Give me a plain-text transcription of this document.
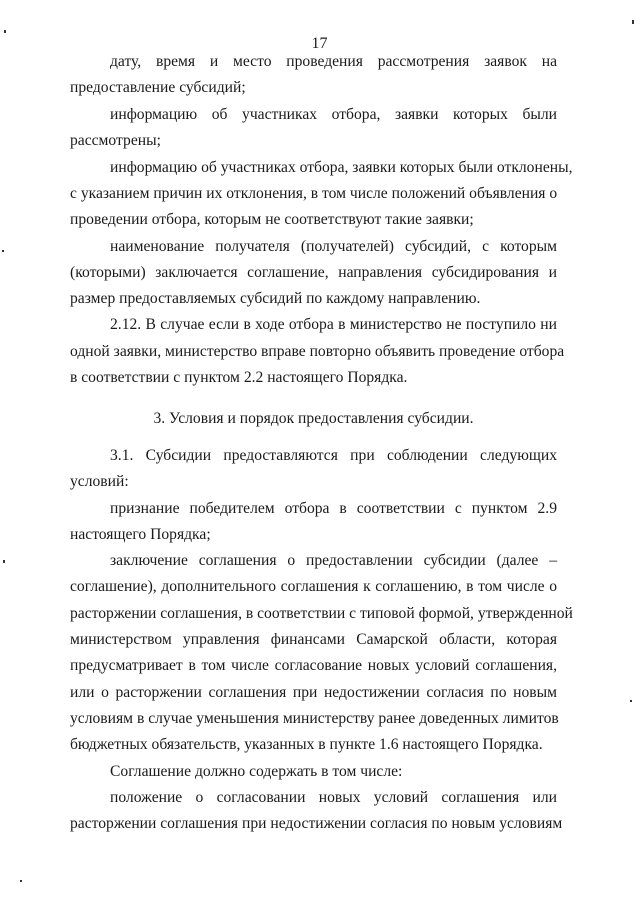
17
дату, время и место проведения рассмотрения заявок на
предоставление субсидий;
информацию об участниках отбора, заявки которых были
рассмотрены;
информацию об участниках отбора, заявки которых были отклонены,
с указанием причин их отклонения, в том числе положений объявления о
проведении отбора, которым не соответствуют такие заявки;
наименование получателя (получателей) субсидий, с которым
(которыми) заключается соглашение, направления субсидирования и
размер предоставляемых субсидий по каждому направлению.
2.12. В случае если в ходе отбора в министерство не поступило ни
одной заявки, министерство вправе повторно объявить проведение отбора
в соответствии с пунктом 2.2 настоящего Порядка.
3. Условия и порядок предоставления субсидии.
3.1. Субсидии предоставляются при соблюдении следующих
условий:
признание победителем отбора в соответствии с пунктом 2.9
настоящего Порядка;
заключение соглашения о предоставлении субсидии (далее –
соглашение), дополнительного соглашения к соглашению, в том числе о
расторжении соглашения, в соответствии с типовой формой, утвержденной
министерством управления финансами Самарской области, которая
предусматривает в том числе согласование новых условий соглашения,
или о расторжении соглашения при недостижении согласия по новым
условиям в случае уменьшения министерству ранее доведенных лимитов
бюджетных обязательств, указанных в пункте 1.6 настоящего Порядка.
Соглашение должно содержать в том числе:
положение о согласовании новых условий соглашения или
расторжении соглашения при недостижении согласия по новым условиям
